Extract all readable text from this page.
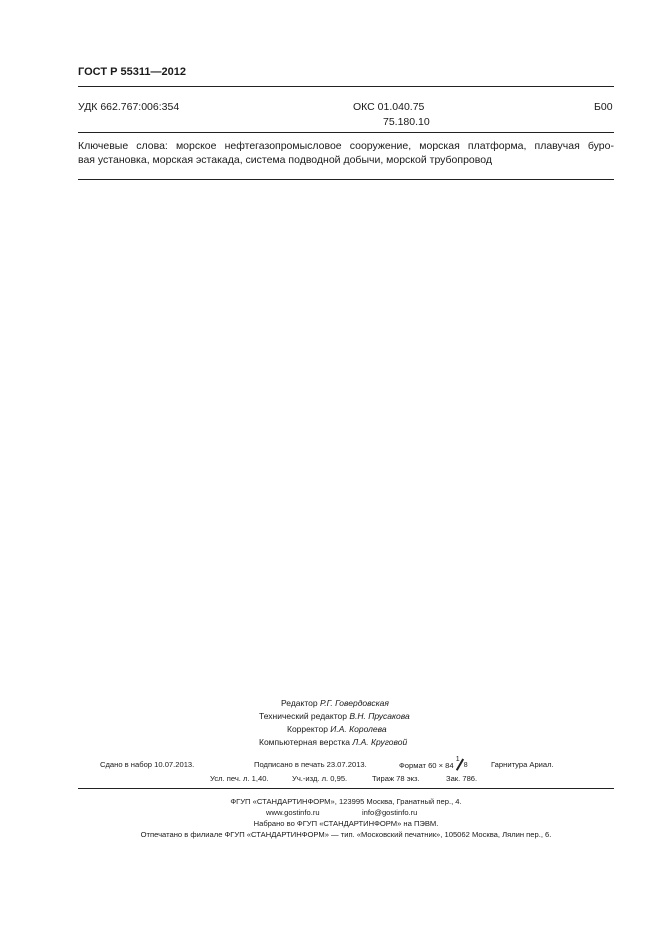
ГОСТ Р 55311—2012
УДК 662.767:006:354	ОКС 01.040.75
75.180.10
Б00
Ключевые слова: морское нефтегазопромысловое сооружение, морская платформа, плавучая буро-
вая установка, морская эстакада, система подводной добычи, морской трубопровод
Редактор Р.Г. Говердовская
Технический редактор В.Н. Прусакова
Корректор И.А. Королева
Компьютерная верстка Л.А. Круговой
Сдано в набор 10.07.2013.	Подписано в печать 23.07.2013.	Формат 60 × 84
1
8	Гарнитура Ариал.
Усл. печ. л. 1,40.	Уч.-изд. л. 0,95.	Тираж 78 экз.	Зак. 786.
ФГУП «СТАНДАРТИНФОРМ», 123995 Москва, Гранатный пер., 4.
www.gostinfo.ru	info@gostinfo.ru
Набрано во ФГУП «СТАНДАРТИНФОРМ» на ПЭВМ.
Отпечатано в филиале ФГУП «СТАНДАРТИНФОРМ» — тип. «Московский печатник», 105062 Москва, Лялин пер., 6.
